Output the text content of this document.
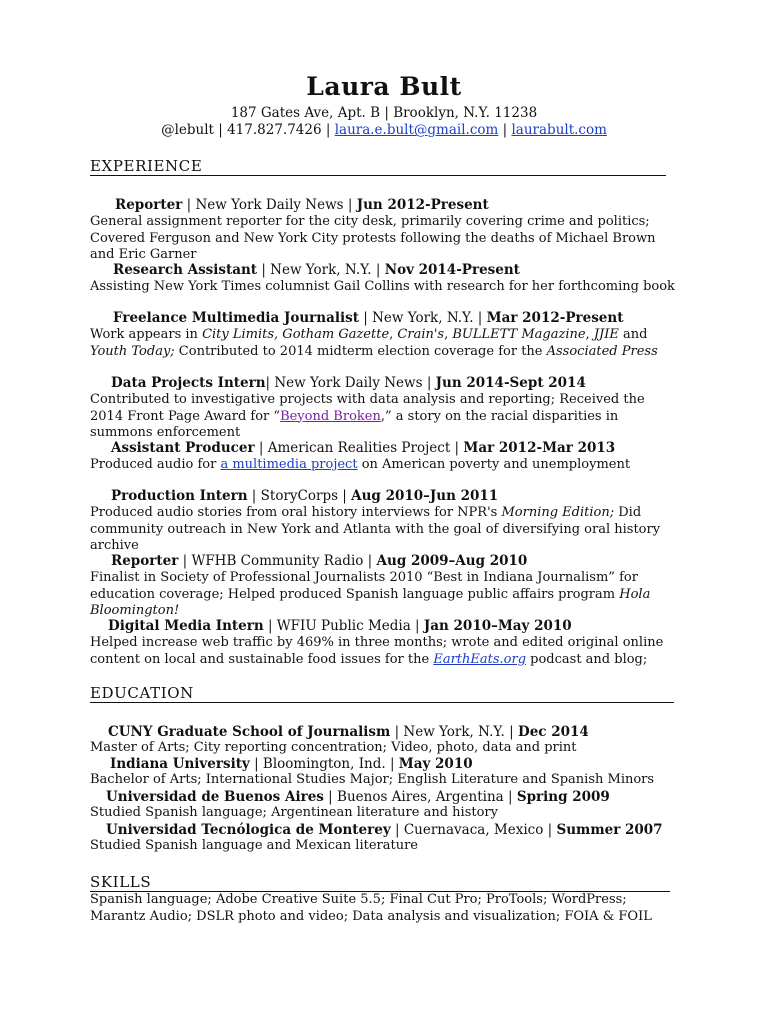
Laura Bult
187 Gates Ave, Apt. B | Brooklyn, N.Y. 11238
@lebult | 417.827.7426 | laura.e.bult@gmail.com | laurabult.com
EXPERIENCE
Reporter | New York Daily News | Jun 2012-Present
General assignment reporter for the city desk, primarily covering crime and politics; Covered Ferguson and New York City protests following the deaths of Michael Brown and Eric Garner
Research Assistant | New York, N.Y. | Nov 2014-Present
Assisting New York Times columnist Gail Collins with research for her forthcoming book
Freelance Multimedia Journalist | New York, N.Y. | Mar 2012-Present
Work appears in City Limits, Gotham Gazette, Crain's, BULLETT Magazine, JJIE and Youth Today; Contributed to 2014 midterm election coverage for the Associated Press
Data Projects Intern| New York Daily News | Jun 2014-Sept 2014
Contributed to investigative projects with data analysis and reporting; Received the 2014 Front Page Award for “Beyond Broken,” a story on the racial disparities in summons enforcement
Assistant Producer | American Realities Project | Mar 2012-Mar 2013
Produced audio for a multimedia project on American poverty and unemployment
Production Intern | StoryCorps | Aug 2010–Jun 2011
Produced audio stories from oral history interviews for NPR's Morning Edition; Did community outreach in New York and Atlanta with the goal of diversifying oral history archive
Reporter | WFHB Community Radio | Aug 2009–Aug 2010
Finalist in Society of Professional Journalists 2010 “Best in Indiana Journalism” for education coverage; Helped produced Spanish language public affairs program Hola Bloomington!
Digital Media Intern | WFIU Public Media | Jan 2010–May 2010
Helped increase web traffic by 469% in three months; wrote and edited original online content on local and sustainable food issues for the EarthEats.org podcast and blog;
EDUCATION
CUNY Graduate School of Journalism | New York, N.Y. | Dec 2014
Master of Arts; City reporting concentration; Video, photo, data and print
Indiana University | Bloomington, Ind. | May 2010
Bachelor of Arts; International Studies Major; English Literature and Spanish Minors
Universidad de Buenos Aires | Buenos Aires, Argentina | Spring 2009
Studied Spanish language; Argentinean literature and history
Universidad Tecnólogica de Monterey | Cuernavaca, Mexico | Summer 2007
Studied Spanish language and Mexican literature
SKILLS
Spanish language; Adobe Creative Suite 5.5; Final Cut Pro; ProTools; WordPress; Marantz Audio; DSLR photo and video; Data analysis and visualization; FOIA & FOIL
